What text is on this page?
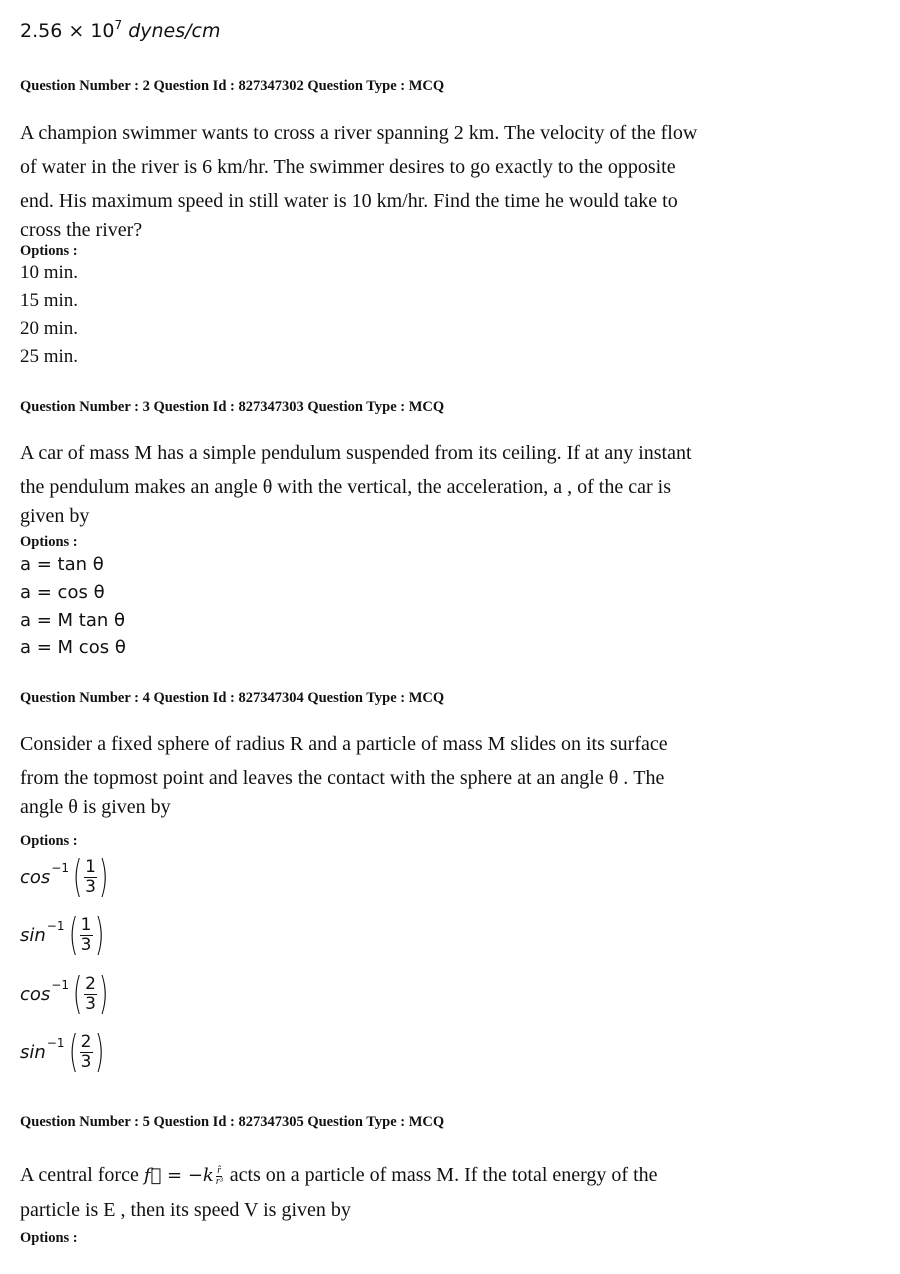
$2.56 \times 10^7$ dynes/cm
Question Number : 2 Question Id : 827347302 Question Type : MCQ
A champion swimmer wants to cross a river spanning 2 km. The velocity of the flow
of water in the river is 6 km/hr. The swimmer desires to go exactly to the opposite
end. His maximum speed in still water is 10 km/hr. Find the time he would take to
cross the river?
Options :
10 min.
15 min.
20 min.
25 min.
Question Number : 3 Question Id : 827347303 Question Type : MCQ
A car of mass M has a simple pendulum suspended from its ceiling. If at any instant
the pendulum makes an angle θ with the vertical, the acceleration, a , of the car is
given by
Options :
a = tan θ
a = cos θ
a = M tan θ
a = M cos θ
Question Number : 4 Question Id : 827347304 Question Type : MCQ
Consider a fixed sphere of radius R and a particle of mass M slides on its surface
from the topmost point and leaves the contact with the sphere at an angle θ . The
angle θ is given by
Options :
cos −1 ( $\frac{1}{3}$ )
sin −1 ( $\frac{1}{3}$ )
cos −1 ( $\frac{2}{3}$ )
sin −1 ( $\frac{2}{3}$ )
Question Number : 5 Question Id : 827347305 Question Type : MCQ
A central force f⃗ = $-k \frac{r̂}{\text{r³}}$ acts on a particle of mass M. If the total energy of the
particle is E , then its speed V is given by
Options :
